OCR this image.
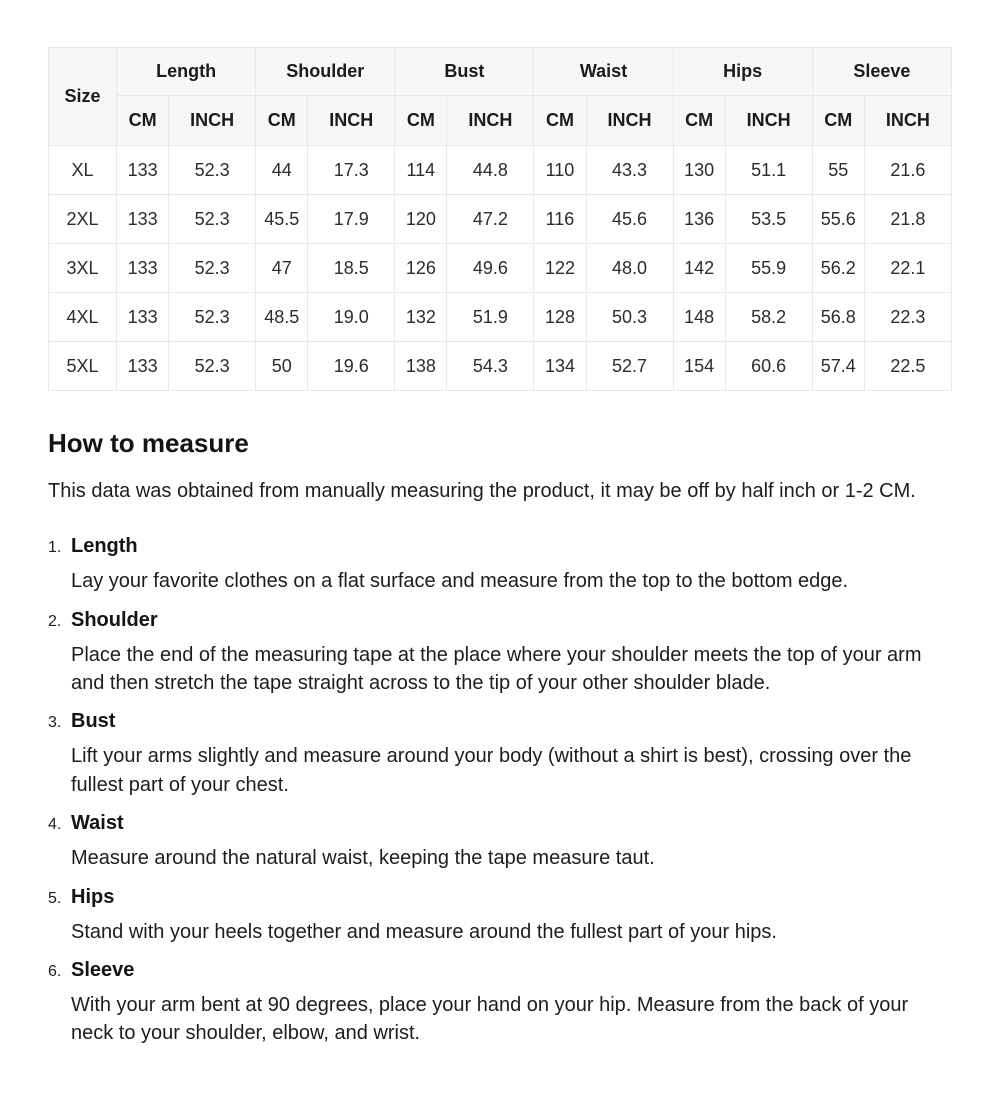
Size	Length		Shoulder		Bust		Waist		Hips		Sleeve	
	CM	INCH	CM	INCH	CM	INCH	CM	INCH	CM	INCH	CM	INCH
XL	133	52.3	44	17.3	114	44.8	110	43.3	130	51.1	55	21.6
2XL	133	52.3	45.5	17.9	120	47.2	116	45.6	136	53.5	55.6	21.8
3XL	133	52.3	47	18.5	126	49.6	122	48.0	142	55.9	56.2	22.1
4XL	133	52.3	48.5	19.0	132	51.9	128	50.3	148	58.2	56.8	22.3
5XL	133	52.3	50	19.6	138	54.3	134	52.7	154	60.6	57.4	22.5
How to measure

This data was obtained from manually measuring the product, it may be off by half inch or 1-2 CM.

1. Length
Lay your favorite clothes on a flat surface and measure from the top to the bottom edge.
2. Shoulder
Place the end of the measuring tape at the place where your shoulder meets the top of your arm and then stretch the tape straight across to the tip of your other shoulder blade.
3. Bust
Lift your arms slightly and measure around your body (without a shirt is best), crossing over the fullest part of your chest.
4. Waist
Measure around the natural waist, keeping the tape measure taut.
5. Hips
Stand with your heels together and measure around the fullest part of your hips.
6. Sleeve
With your arm bent at 90 degrees, place your hand on your hip. Measure from the back of your neck to your shoulder, elbow, and wrist.
